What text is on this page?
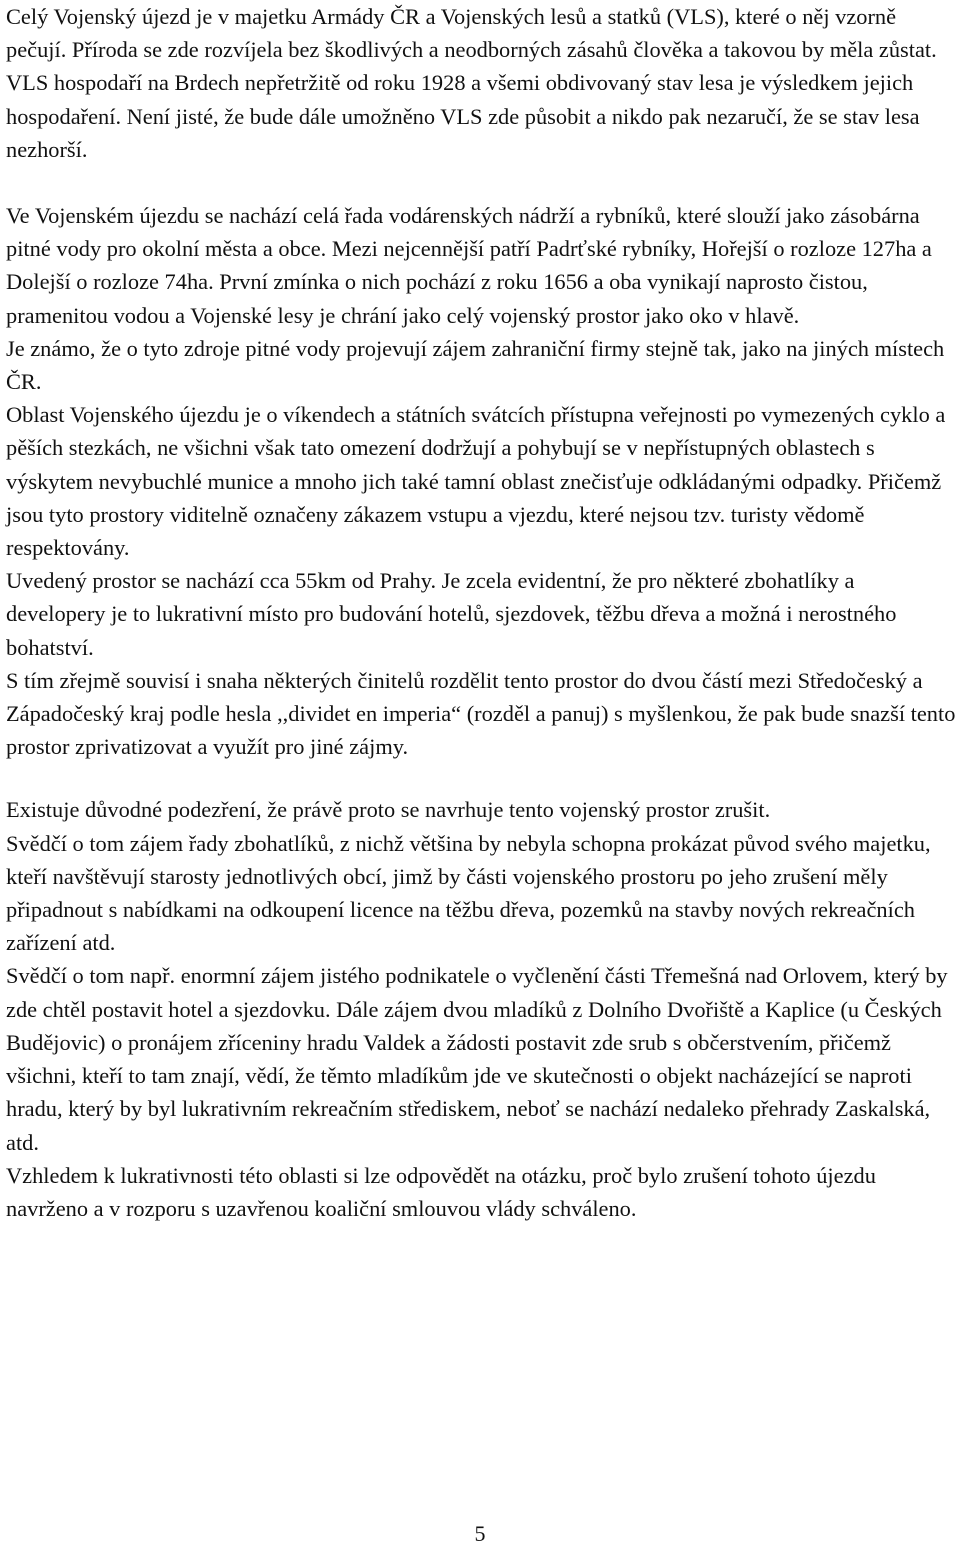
Celý Vojenský újezd je v majetku Armády ČR a Vojenských lesů a statků (VLS), které o něj vzorně pečují. Příroda se zde rozvíjela bez škodlivých a neodborných zásahů člověka a takovou by měla zůstat.

VLS hospodaří na Brdech nepřetržitě od roku 1928 a všemi obdivovaný stav lesa je výsledkem jejich hospodaření. Není jisté, že bude dále umožněno VLS zde působit a nikdo pak nezaručí, že se stav lesa nezhorší.

Ve Vojenském újezdu se nachází celá řada vodárenských nádrží a rybníků, které slouží jako zásobárna pitné vody pro okolní města a obce. Mezi nejcennější patří Padrťské rybníky, Hořejší o rozloze 127ha a Dolejší o rozloze 74ha. První zmínka o nich pochází z roku 1656 a oba vynikají naprosto čistou, pramenitou vodou a Vojenské lesy je chrání jako celý vojenský prostor jako oko v hlavě.

Je známo, že o tyto zdroje pitné vody projevují zájem zahraniční firmy stejně tak, jako na jiných místech ČR.

Oblast Vojenského újezdu je o víkendech a státních svátcích přístupna veřejnosti po vymezených cyklo a pěších stezkách, ne všichni však tato omezení dodržují a pohybují se v nepřístupných oblastech s výskytem nevybuchlé munice a mnoho jich také tamní oblast znečisťuje odkládanými odpadky. Přičemž jsou tyto prostory viditelně označeny zákazem vstupu a vjezdu, které nejsou tzv. turisty vědomě respektovány.

Uvedený prostor se nachází cca 55km od Prahy. Je zcela evidentní, že pro některé zbohatlíky a developery je to lukrativní místo pro budování hotelů, sjezdovek, těžbu dřeva a možná i nerostného bohatství.

S tím zřejmě souvisí i snaha některých činitelů rozdělit tento prostor do dvou částí mezi Středočeský a Západočeský kraj podle hesla ,,dividet en imperia“ (rozděl a panuj) s myšlenkou, že pak bude snazší tento prostor zprivatizovat a využít pro jiné zájmy.

Existuje důvodné podezření, že právě proto se navrhuje tento vojenský prostor zrušit.

Svědčí o tom zájem řady zbohatlíků, z nichž většina by nebyla schopna prokázat původ svého majetku, kteří navštěvují starosty jednotlivých obcí, jimž by části vojenského prostoru po jeho zrušení měly připadnout s nabídkami na odkoupení licence na těžbu dřeva, pozemků na stavby nových rekreačních zařízení atd.

Svědčí o tom např. enormní zájem jistého podnikatele o vyčlenění části Třemešná nad Orlovem, který by zde chtěl postavit hotel a sjezdovku. Dále zájem dvou mladíků z Dolního Dvořiště a Kaplice (u Českých Budějovic) o pronájem zříceniny hradu Valdek a žádosti postavit zde srub s občerstvením, přičemž všichni, kteří to tam znají, vědí, že těmto mladíkům jde ve skutečnosti o objekt nacházející se naproti hradu, který by byl lukrativním rekreačním střediskem, neboť se nachází nedaleko přehrady Zaskalská, atd.

Vzhledem k lukrativnosti této oblasti si lze odpovědět na otázku, proč bylo zrušení tohoto újezdu navrženo a v rozporu s uzavřenou koaliční smlouvou vlády schváleno.

5
